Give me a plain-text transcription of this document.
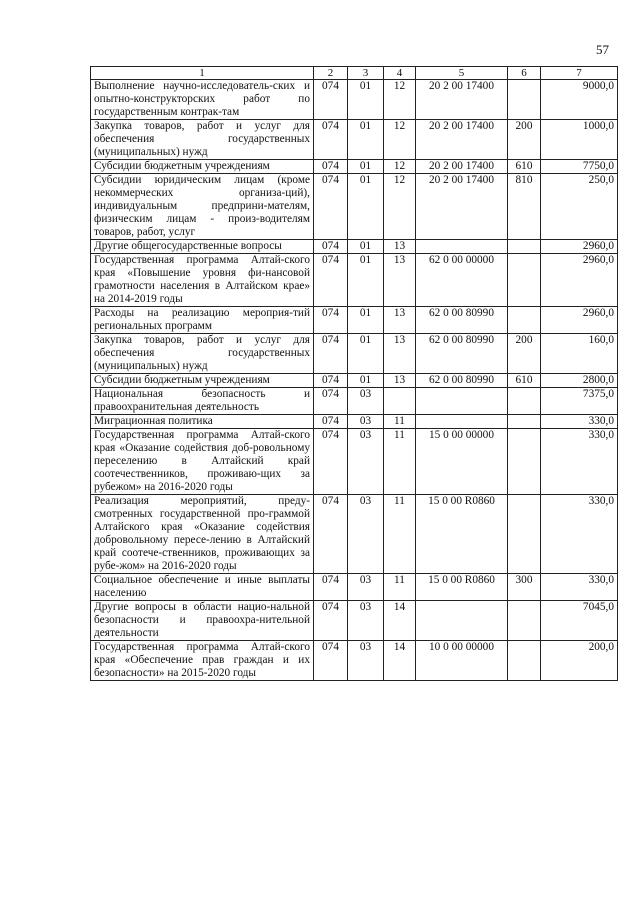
57
1	2	3	4	5	6	7
Выполнение научно-исследователь-ских и опытно-конструкторских работ по государственным контрак-там	074	01	12	20 2 00 17400		9000,0
Закупка товаров, работ и услуг для обеспечения государственных (муниципальных) нужд	074	01	12	20 2 00 17400	200	1000,0
Субсидии бюджетным учреждениям	074	01	12	20 2 00 17400	610	7750,0
Субсидии юридическим лицам (кроме некоммерческих организа-ций), индивидуальным предприни-мателям, физическим лицам - произ-водителям товаров, работ, услуг	074	01	12	20 2 00 17400	810	250,0
Другие общегосударственные вопросы	074	01	13			2960,0
Государственная программа Алтай-ского края «Повышение уровня фи-нансовой грамотности населения в Алтайском крае» на 2014-2019 годы	074	01	13	62 0 00 00000		2960,0
Расходы на реализацию мероприя-тий региональных программ	074	01	13	62 0 00 80990		2960,0
Закупка товаров, работ и услуг для обеспечения государственных (муниципальных) нужд	074	01	13	62 0 00 80990	200	160,0
Субсидии бюджетным учреждениям	074	01	13	62 0 00 80990	610	2800,0
Национальная безопасность и правоохранительная деятельность	074	03				7375,0
Миграционная политика	074	03	11			330,0
Государственная программа Алтай-ского края «Оказание содействия доб-ровольному переселению в Алтайский край соотечественников, проживаю-щих за рубежом» на 2016-2020 годы	074	03	11	15 0 00 00000		330,0
Реализация мероприятий, преду-смотренных государственной про-граммой Алтайского края «Оказание содействия добровольному пересе-лению в Алтайский край соотече-ственников, проживающих за рубе-жом» на 2016-2020 годы	074	03	11	15 0 00 R0860		330,0
Социальное обеспечение и иные выплаты населению	074	03	11	15 0 00 R0860	300	330,0
Другие вопросы в области нацио-нальной безопасности и правоохра-нительной деятельности	074	03	14			7045,0
Государственная программа Алтай-ского края «Обеспечение прав граждан и их безопасности» на 2015-2020 годы	074	03	14	10 0 00 00000		200,0
